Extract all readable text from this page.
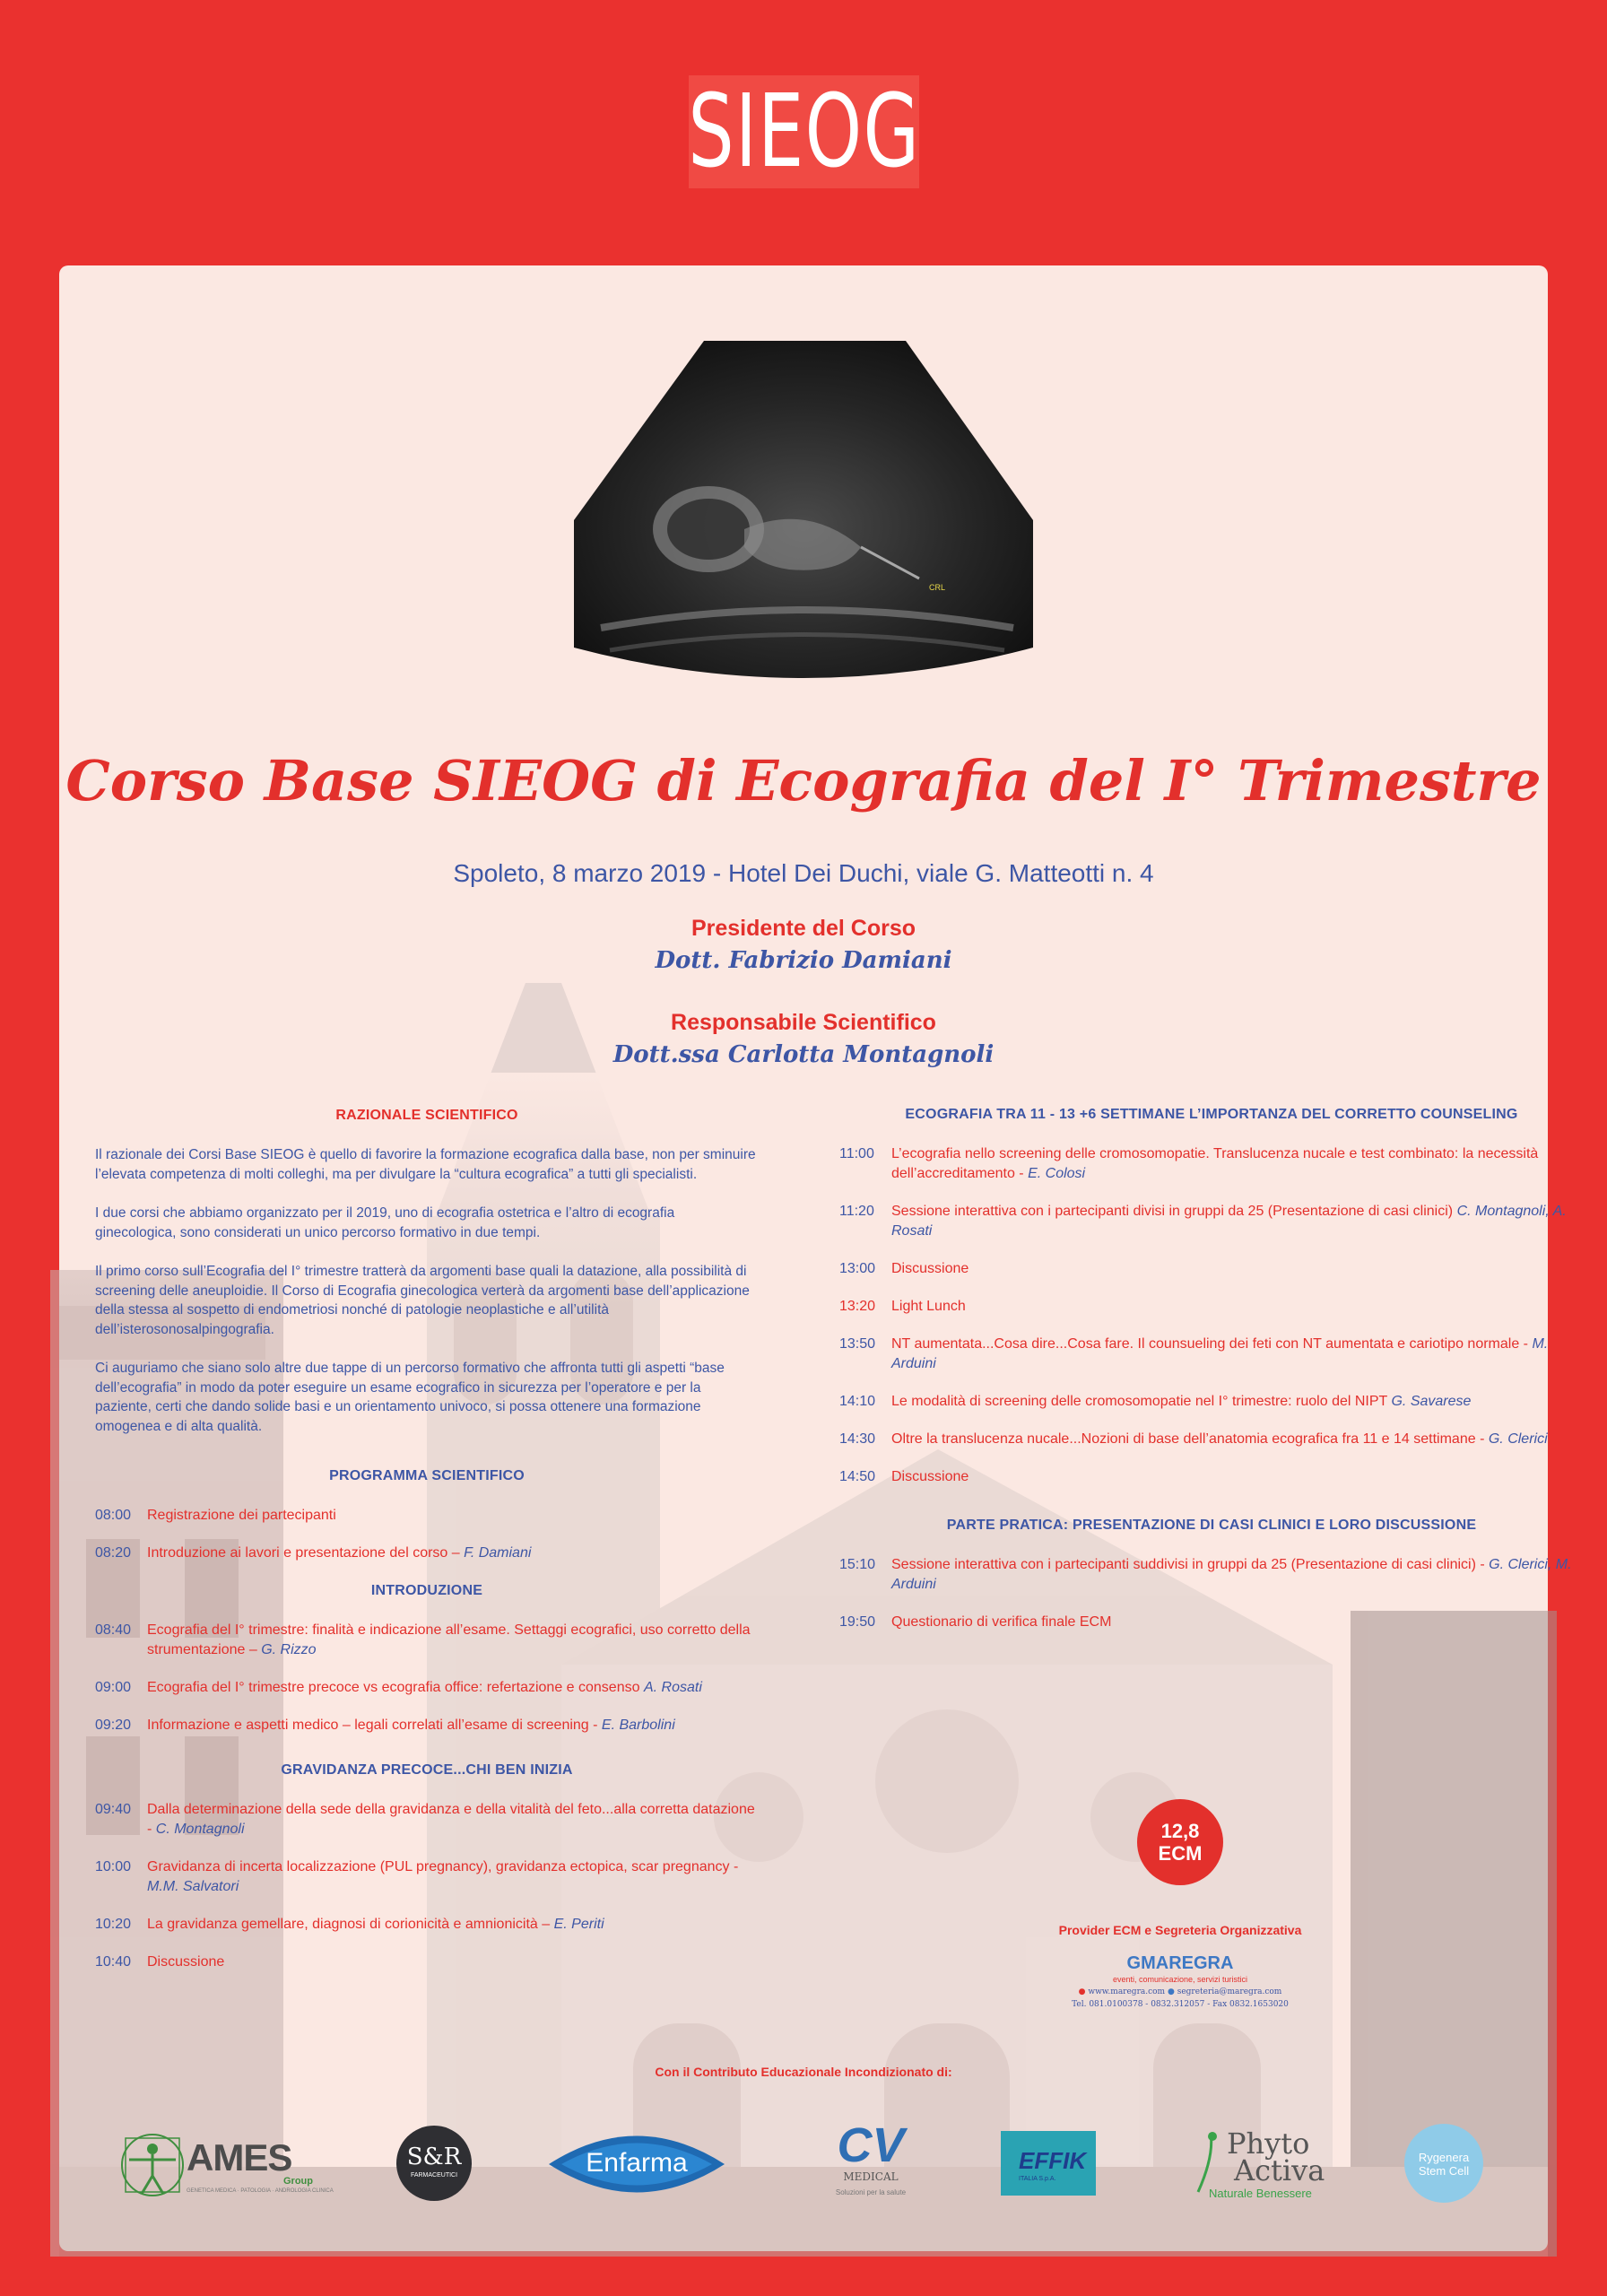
SIEOG
CRL
Corso Base SIEOG di Ecografia del I° Trimestre
Spoleto, 8 marzo 2019 - Hotel Dei Duchi, viale G. Matteotti n. 4
Presidente del Corso
Dott. Fabrizio Damiani
Responsabile Scientifico
Dott.ssa Carlotta Montagnoli
RAZIONALE SCIENTIFICO

Il razionale dei Corsi Base SIEOG è quello di favorire la formazione ecografica dalla base, non per sminuire l’elevata competenza di molti colleghi, ma per divulgare la “cultura ecografica” a tutti gli specialisti.

I due corsi che abbiamo organizzato per il 2019, uno di ecografia ostetrica e l’altro di ecografia ginecologica, sono considerati un unico percorso formativo in due tempi.

Il primo corso sull’Ecografia del I° trimestre tratterà da argomenti base quali la datazione, alla possibilità di screening delle aneuploidie. Il Corso di Ecografia ginecologica verterà da argomenti base dell’applicazione della stessa al sospetto di endometriosi nonché di patologie neoplastiche e all’utilità dell’isterosonosalpingografia.

Ci auguriamo che siano solo altre due tappe di un percorso formativo che affronta tutti gli aspetti “base dell’ecografia” in modo da poter eseguire un esame ecografico in sicurezza per l’operatore e per la paziente, certi che dando solide basi e un orientamento univoco, si possa ottenere una formazione omogenea e di alta qualità.

PROGRAMMA SCIENTIFICO
08:00	Registrazione dei partecipanti
08:20	Introduzione ai lavori e presentazione del corso – F. Damiani
INTRODUZIONE
08:40	Ecografia del I° trimestre: finalità e indicazione all’esame. Settaggi ecografici, uso corretto della strumentazione – G. Rizzo
09:00	Ecografia del I° trimestre precoce vs ecografia office: refertazione e consenso A. Rosati
09:20	Informazione e aspetti medico – legali correlati all’esame di screening - E. Barbolini
GRAVIDANZA PRECOCE...CHI BEN INIZIA
09:40	Dalla determinazione della sede della gravidanza e della vitalità del feto...alla corretta datazione - C. Montagnoli
10:00	Gravidanza di incerta localizzazione (PUL pregnancy), gravidanza ectopica, scar pregnancy - M.M. Salvatori
10:20	La gravidanza gemellare, diagnosi di corionicità e amnionicità – E. Periti
10:40	Discussione
ECOGRAFIA TRA 11 - 13 +6 SETTIMANE L’IMPORTANZA DEL CORRETTO COUNSELING
11:00	L’ecografia nello screening delle cromosomopatie. Translucenza nucale e test combinato: la necessità dell’accreditamento - E. Colosi
11:20	Sessione interattiva con i partecipanti divisi in gruppi da 25 (Presentazione di casi clinici) C. Montagnoli, A. Rosati
13:00	Discussione
13:20	Light Lunch
13:50	NT aumentata...Cosa dire...Cosa fare. Il counsueling dei feti con NT aumentata e cariotipo normale - M. Arduini
14:10	Le modalità di screening delle cromosomopatie nel I° trimestre: ruolo del NIPT G. Savarese
14:30	Oltre la translucenza nucale...Nozioni di base dell’anatomia ecografica fra 11 e 14 settimane - G. Clerici
14:50	Discussione
PARTE PRATICA: PRESENTAZIONE DI CASI CLINICI E LORO DISCUSSIONE
15:10	Sessione interattiva con i partecipanti suddivisi in gruppi da 25 (Presentazione di casi clinici) - G. Clerici, M. Arduini
19:50	Questionario di verifica finale ECM
12,8
ECM
Provider ECM e Segreteria Organizzativa
GMAREGRA
eventi, comunicazione, servizi turistici
● www.maregra.com ● segreteria@maregra.com
Tel. 081.0100378 - 0832.312057 - Fax 0832.1653020
Con il Contributo Educazionale Incondizionato di:
AMES
Group
GENETICA MEDICA · PATOLOGIA · ANDROLOGIA CLINICA
S&R
FARMACEUTICI	Enfarma	CV
MEDICAL
Soluzioni per la salute
EFFIK
ITALIA S.p.A.
Phyto
Activa
Naturale Benessere
Rygenera
Stem Cell
